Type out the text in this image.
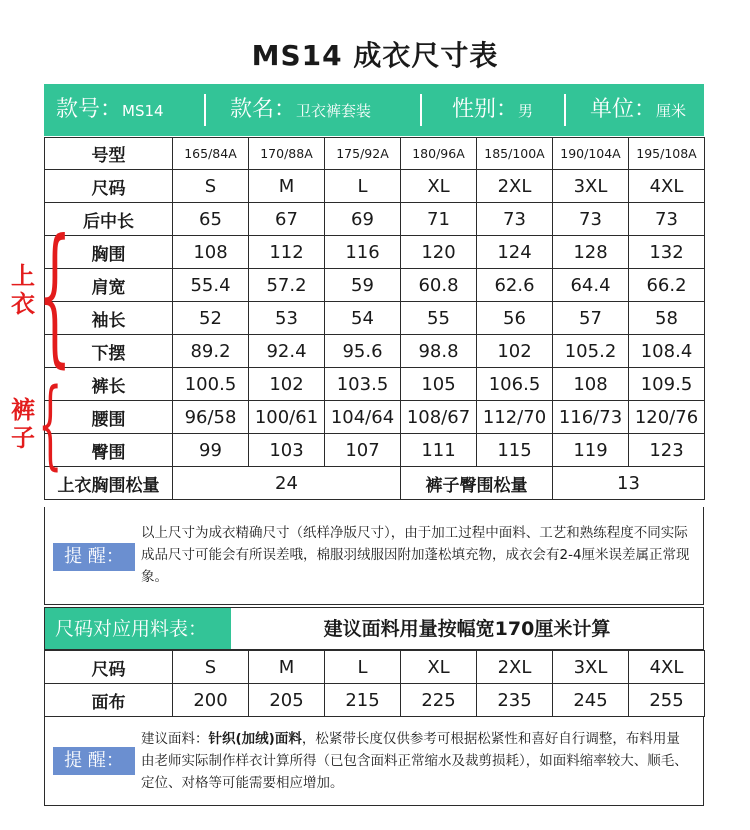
MS14 成衣尺寸表
款号：MS14	款名：卫衣裤套装	性别：男	单位：厘米
号型	165/84A	170/88A	175/92A	180/96A	185/100A	190/104A	195/108A
尺码	S	M	L	XL	2XL	3XL	4XL
后中长	65	67	69	71	73	73	73
胸围	108	112	116	120	124	128	132
肩宽	55.4	57.2	59	60.8	62.6	64.4	66.2
袖长	52	53	54	55	56	57	58
下摆	89.2	92.4	95.6	98.8	102	105.2	108.4
裤长	100.5	102	103.5	105	106.5	108	109.5
腰围	96/58	100/61	104/64	108/67	112/70	116/73	120/76
臀围	99	103	107	111	115	119	123
上衣胸围松量	24			裤子臀围松量		13	
{
上衣
{
裤子
提 醒：
以上尺寸为成衣精确尺寸（纸样净版尺寸），由于加工过程中面料、工艺和熟练程度不同实际成品尺寸可能会有所误差哦，棉服羽绒服因附加蓬松填充物，成衣会有2-4厘米误差属正常现象。
尺码对应用料表：	建议面料用量按幅宽170厘米计算
尺码	S	M	L	XL	2XL	3XL	4XL
面布	200	205	215	225	235	245	255
提 醒：
建议面料：针织(加绒)面料，松紧带长度仅供参考可根据松紧性和喜好自行调整，布料用量由老师实际制作样衣计算所得（已包含面料正常缩水及裁剪损耗），如面料缩率较大、顺毛、定位、对格等可能需要相应增加。
